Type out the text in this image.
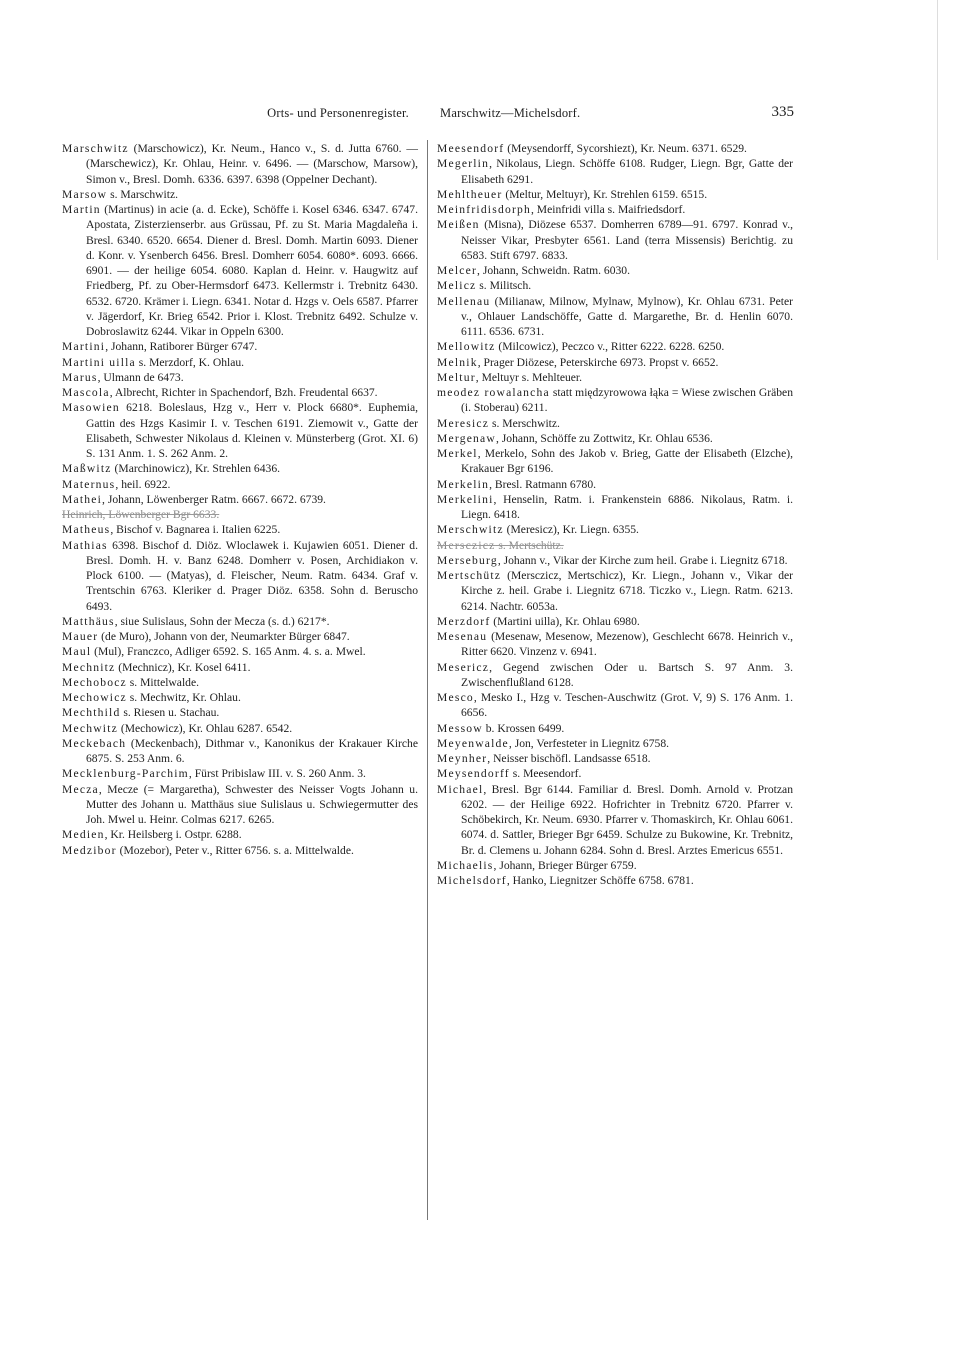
Orts- und Personenregister. Marschwitz—Michelsdorf.	335

Marschwitz (Marschowicz), Kr. Neum., Hanco v., S. d. Jutta 6760. — (Marschewicz), Kr. Ohlau, Heinr. v. 6496. — (Marschow, Marsow), Simon v., Bresl. Domh. 6336. 6397. 6398 (Oppelner Dechant).

Marsow s. Marschwitz.

Martin (Martinus) in acie (a. d. Ecke), Schöffe i. Kosel 6346. 6347. 6747. Apostata, Zisterzienserbr. aus Grüssau, Pf. zu St. Maria Magdaleña i. Bresl. 6340. 6520. 6654. Diener d. Bresl. Domh. Martin 6093. Diener d. Konr. v. Ysenberch 6456. Bresl. Domherr 6054. 6080*. 6093. 6666. 6901. — der heilige 6054. 6080. Kaplan d. Heinr. v. Haugwitz auf Friedberg, Pf. zu Ober-Hermsdorf 6473. Kellermstr i. Trebnitz 6430. 6532. 6720. Krämer i. Liegn. 6341. Notar d. Hzgs v. Oels 6587. Pfarrer v. Jägerdorf, Kr. Brieg 6542. Prior i. Klost. Trebnitz 6492. Schulze v. Dobroslawitz 6244. Vikar in Oppeln 6300.

Martini, Johann, Ratiborer Bürger 6747.

Martini uilla s. Merzdorf, K. Ohlau.

Marus, Ulmann de 6473.

Mascola, Albrecht, Richter in Spachendorf, Bzh. Freudental 6637.

Masowien 6218. Boleslaus, Hzg v., Herr v. Plock 6680*. Euphemia, Gattin des Hzgs Kasimir I. v. Teschen 6191. Ziemowit v., Gatte der Elisabeth, Schwester Nikolaus d. Kleinen v. Münsterberg (Grot. XI. 6) S. 131 Anm. 1. S. 262 Anm. 2.

Maßwitz (Marchinowicz), Kr. Strehlen 6436.

Maternus, heil. 6922.

Mathei, Johann, Löwenberger Ratm. 6667. 6672. 6739.

Heinrich, Löwenberger Bgr 6633.

Matheus, Bischof v. Bagnarea i. Italien 6225.

Mathias 6398. Bischof d. Diöz. Wloclawek i. Kujawien 6051. Diener d. Bresl. Domh. H. v. Banz 6248. Domherr v. Posen, Archidiakon v. Plock 6100. — (Matyas), d. Fleischer, Neum. Ratm. 6434. Graf v. Trentschin 6763. Kleriker d. Prager Diöz. 6358. Sohn d. Beruscho 6493.

Matthäus, siue Sulislaus, Sohn der Mecza (s. d.) 6217*.

Mauer (de Muro), Johann von der, Neumarkter Bürger 6847.

Maul (Mul), Franczco, Adliger 6592. S. 165 Anm. 4. s. a. Mwel.

Mechnitz (Mechnicz), Kr. Kosel 6411.

Mechobocz s. Mittelwalde.

Mechowicz s. Mechwitz, Kr. Ohlau.

Mechthild s. Riesen u. Stachau.

Mechwitz (Mechowicz), Kr. Ohlau 6287. 6542.

Meckebach (Meckenbach), Dithmar v., Kanonikus der Krakauer Kirche 6875. S. 253 Anm. 6.

Mecklenburg-Parchim, Fürst Pribislaw III. v. S. 260 Anm. 3.

Mecza, Mecze (= Margaretha), Schwester des Neisser Vogts Johann u. Mutter des Johann u. Matthäus siue Sulislaus u. Schwiegermutter des Joh. Mwel u. Heinr. Colmas 6217. 6265.

Medien, Kr. Heilsberg i. Ostpr. 6288.

Medzibor (Mozebor), Peter v., Ritter 6756. s. a. Mittelwalde.

Meesendorf (Meysendorff, Sycorshiezt), Kr. Neum. 6371. 6529.

Megerlin, Nikolaus, Liegn. Schöffe 6108. Rudger, Liegn. Bgr, Gatte der Elisabeth 6291.

Mehltheuer (Meltur, Meltuyr), Kr. Strehlen 6159. 6515.

Meinfridisdorph, Meinfridi villa s. Maifriedsdorf.

Meißen (Misna), Diözese 6537. Domherren 6789—91. 6797. Konrad v., Neisser Vikar, Presbyter 6561. Land (terra Missensis) Berichtig. zu 6583. Stift 6797. 6833.

Melcer, Johann, Schweidn. Ratm. 6030.

Melicz s. Militsch.

Mellenau (Milianaw, Milnow, Mylnaw, Mylnow), Kr. Ohlau 6731. Peter v., Ohlauer Landschöffe, Gatte d. Margarethe, Br. d. Henlin 6070. 6111. 6536. 6731.

Mellowitz (Milcowicz), Peczco v., Ritter 6222. 6228. 6250.

Melnik, Prager Diözese, Peterskirche 6973. Propst v. 6652.

Meltur, Meltuyr s. Mehlteuer.

meodez rowalancha statt międzyrowowa łąka = Wiese zwischen Gräben (i. Stoberau) 6211.

Meresicz s. Merschwitz.

Mergenaw, Johann, Schöffe zu Zottwitz, Kr. Ohlau 6536.

Merkel, Merkelo, Sohn des Jakob v. Brieg, Gatte der Elisabeth (Elzche), Krakauer Bgr 6196.

Merkelin, Bresl. Ratmann 6780.

Merkelini, Henselin, Ratm. i. Frankenstein 6886. Nikolaus, Ratm. i. Liegn. 6418.

Merschwitz (Meresicz), Kr. Liegn. 6355.

Mersczicz s. Mertschütz.

Merseburg, Johann v., Vikar der Kirche zum heil. Grabe i. Liegnitz 6718.

Mertschütz (Mersczicz, Mertschicz), Kr. Liegn., Johann v., Vikar der Kirche z. heil. Grabe i. Liegnitz 6718. Ticzko v., Liegn. Ratm. 6213. 6214. Nachtr. 6053a.

Merzdorf (Martini uilla), Kr. Ohlau 6980.

Mesenau (Mesenaw, Mesenow, Mezenow), Geschlecht 6678. Heinrich v., Ritter 6620. Vinzenz v. 6941.

Mesericz, Gegend zwischen Oder u. Bartsch S. 97 Anm. 3. Zwischenflußland 6128.

Mesco, Mesko I., Hzg v. Teschen-Auschwitz (Grot. V, 9) S. 176 Anm. 1. 6656.

Messow b. Krossen 6499.

Meyenwalde, Jon, Verfesteter in Liegnitz 6758.

Meynher, Neisser bischöfl. Landsasse 6518.

Meysendorff s. Meesendorf.

Michael, Bresl. Bgr 6144. Familiar d. Bresl. Domh. Arnold v. Protzan 6202. — der Heilige 6922. Hofrichter in Trebnitz 6720. Pfarrer v. Schöbekirch, Kr. Neum. 6930. Pfarrer v. Thomaskirch, Kr. Ohlau 6061. 6074. d. Sattler, Brieger Bgr 6459. Schulze zu Bukowine, Kr. Trebnitz, Br. d. Clemens u. Johann 6284. Sohn d. Bresl. Arztes Emericus 6551.

Michaelis, Johann, Brieger Bürger 6759.

Michelsdorf, Hanko, Liegnitzer Schöffe 6758. 6781.
